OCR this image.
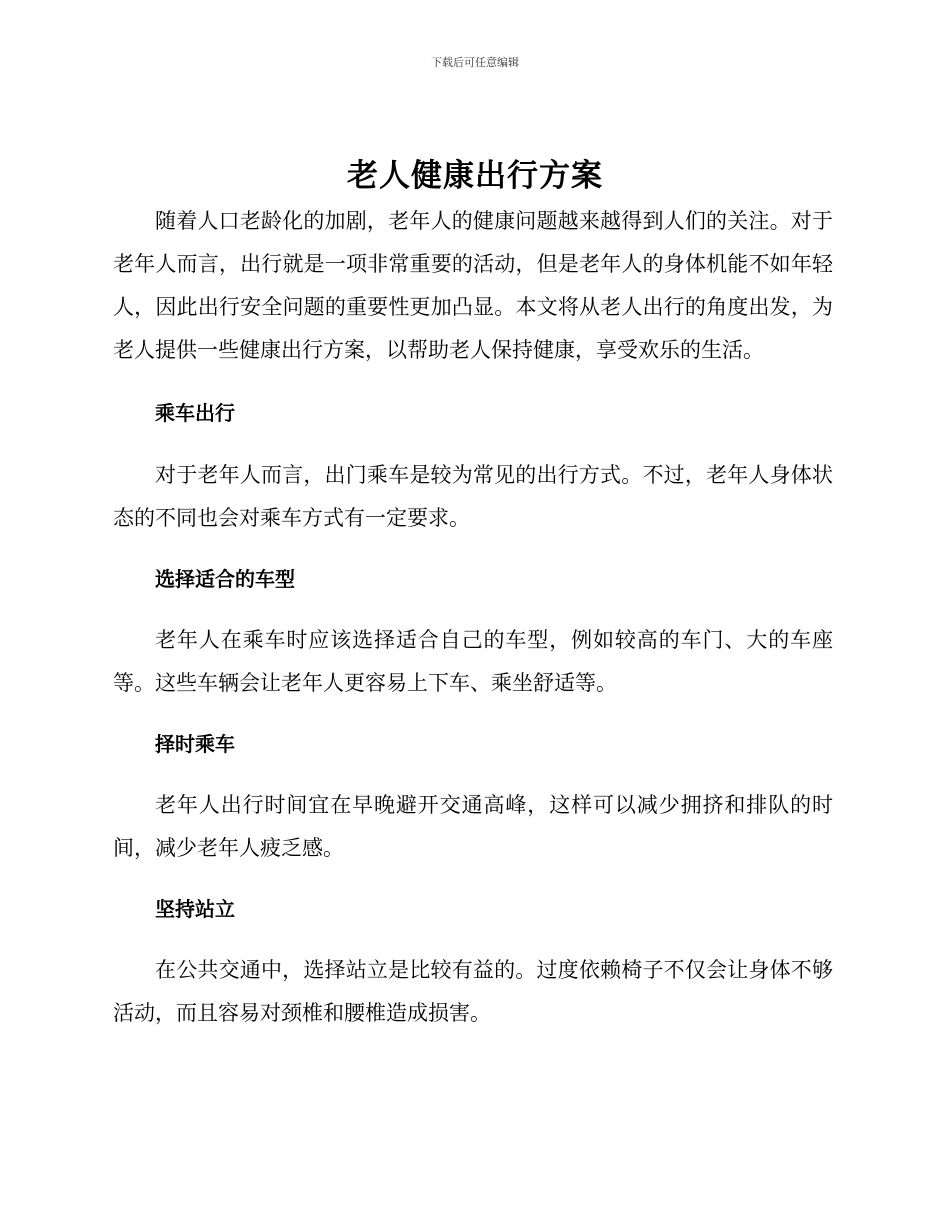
下载后可任意编辑
老人健康出行方案

随着人口老龄化的加剧，老年人的健康问题越来越得到人们的关注。对于老年人而言，出行就是一项非常重要的活动，但是老年人的身体机能不如年轻人，因此出行安全问题的重要性更加凸显。本文将从老人出行的角度出发，为老人提供一些健康出行方案，以帮助老人保持健康，享受欢乐的生活。

乘车出行

对于老年人而言，出门乘车是较为常见的出行方式。不过，老年人身体状态的不同也会对乘车方式有一定要求。

选择适合的车型

老年人在乘车时应该选择适合自己的车型，例如较高的车门、大的车座等。这些车辆会让老年人更容易上下车、乘坐舒适等。

择时乘车

老年人出行时间宜在早晚避开交通高峰，这样可以减少拥挤和排队的时间，减少老年人疲乏感。

坚持站立

在公共交通中，选择站立是比较有益的。过度依赖椅子不仅会让身体不够活动，而且容易对颈椎和腰椎造成损害。
